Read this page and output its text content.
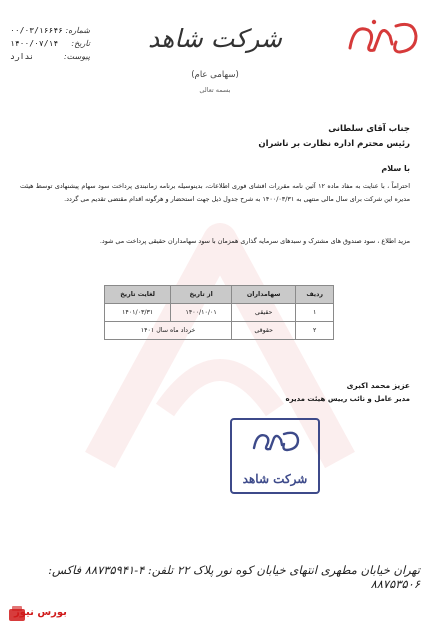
شرکت شاهد
(سهامی عام)
بسمه تعالی
شماره:
۰۰/۰۳/۱۶۶۴۶
تاریخ:
۱۴۰۰/۰۷/۱۴
پیوست:
ندارد
جناب آقای سلطانی
رئیس محترم اداره نظارت بر ناشران
با سلام
احتراماً ، با عنایت به مفاد ماده ۱۲ آئین نامه مقررات افشای فوری اطلاعات، بدینوسیله برنامه زمانبندی پرداخت سود سهام پیشنهادی توسط هیئت مدیره این شرکت برای سال مالی منتهی به ۱۴۰۰/۰۳/۳۱ به شرح جدول ذیل جهت استحضار و هرگونه اقدام مقتضی تقدیم می گردد.
مزید اطلاع ، سود صندوق های مشترک و سبدهای سرمایه گذاری همزمان با سود سهامداران حقیقی پرداخت می شود.
ردیف	سهامداران	از تاریخ	لغایت تاریخ
۱	حقیقی	۱۴۰۰/۱۰/۰۱	۱۴۰۱/۰۳/۳۱
۲	حقوقی	خرداد ماه سال ۱۴۰۱	
عزیز محمد اکبری
مدیر عامل و نائب رییس هیئت مدیره
شرکت شاهد
تهران خیابان مطهری انتهای خیابان کوه نور پلاک ۲۲ تلفن: ۴-۸۸۷۳۵۹۴۱ فاکس: ۸۸۷۵۳۵۰۶
بورس نیوز
